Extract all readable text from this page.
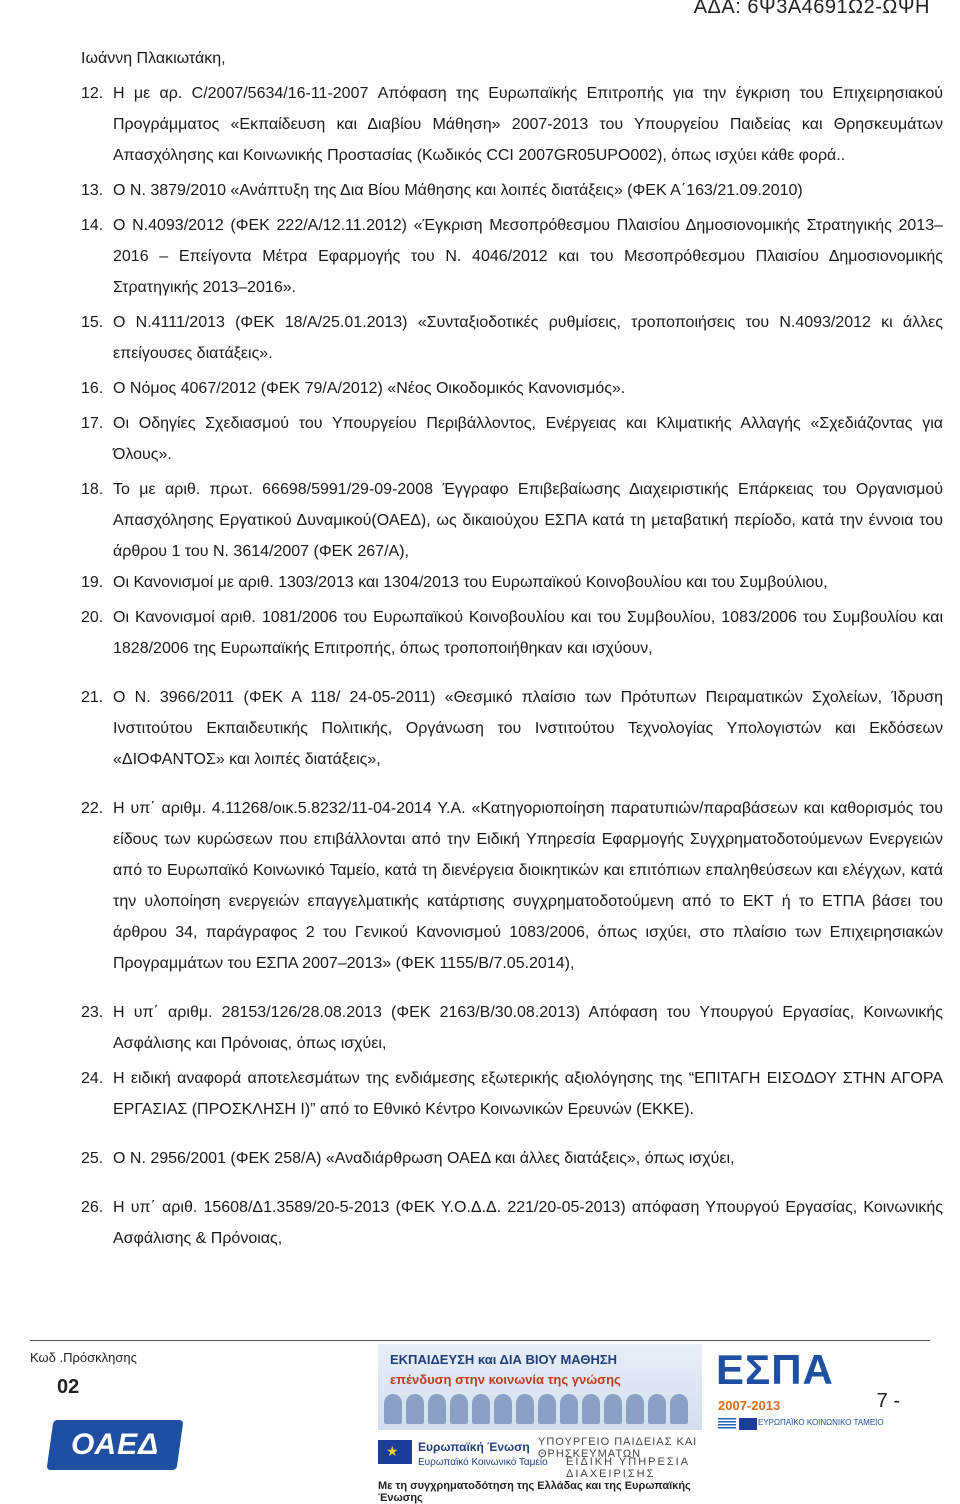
ΑΔΑ: 6Ψ3Α4691Ω2-ΩΨΗ
Ιωάννη Πλακιωτάκη,
12. Η με αρ. C/2007/5634/16-11-2007 Απόφαση της Ευρωπαϊκής Επιτροπής για την έγκριση του Επιχειρησιακού Προγράμματος «Εκπαίδευση και Διαβίου Μάθηση» 2007-2013 του Υπουργείου Παιδείας και Θρησκευμάτων Απασχόλησης και Κοινωνικής Προστασίας (Κωδικός CCI 2007GR05UPO002), όπως ισχύει κάθε φορά..
13. Ο Ν. 3879/2010 «Ανάπτυξη της Δια Βίου Μάθησης και λοιπές διατάξεις» (ΦΕΚ Α΄163/21.09.2010)
14. Ο Ν.4093/2012 (ΦΕΚ 222/Α/12.11.2012) «Έγκριση Μεσοπρόθεσμου Πλαισίου Δημοσιονομικής Στρατηγικής 2013‒2016 ‒ Επείγοντα Μέτρα Εφαρμογής του Ν. 4046/2012 και του Μεσοπρόθεσμου Πλαισίου Δημοσιονομικής Στρατηγικής 2013‒2016».
15. Ο Ν.4111/2013 (ΦΕΚ 18/Α/25.01.2013) «Συνταξιοδοτικές ρυθμίσεις, τροποποιήσεις του Ν.4093/2012 κι άλλες επείγουσες διατάξεις».
16. Ο Νόμος 4067/2012 (ΦΕΚ 79/Α/2012) «Νέος Οικοδομικός Κανονισμός».
17. Οι Οδηγίες Σχεδιασμού του Υπουργείου Περιβάλλοντος, Ενέργειας και Κλιματικής Αλλαγής «Σχεδιάζοντας για Όλους».
18. Το με αριθ. πρωτ. 66698/5991/29-09-2008 Έγγραφο Επιβεβαίωσης Διαχειριστικής Επάρκειας του Οργανισμού Απασχόλησης Εργατικού Δυναμικού(ΟΑΕΔ), ως δικαιούχου ΕΣΠΑ κατά τη μεταβατική περίοδο, κατά την έννοια του άρθρου 1 του Ν. 3614/2007 (ΦΕΚ 267/Α),
19. Οι Κανονισμοί με αριθ. 1303/2013 και 1304/2013 του Ευρωπαϊκού Κοινοβουλίου και του Συμβούλιου,
20. Οι Κανονισμοί αριθ. 1081/2006 του Ευρωπαϊκού Κοινοβουλίου και του Συμβουλίου, 1083/2006 του Συμβουλίου και 1828/2006 της Ευρωπαϊκής Επιτροπής, όπως τροποποιήθηκαν και ισχύουν,
21. Ο Ν. 3966/2011 (ΦΕΚ Α 118/ 24-05-2011) «Θεσμικό πλαίσιο των Πρότυπων Πειραματικών Σχολείων, Ίδρυση Ινστιτούτου Εκπαιδευτικής Πολιτικής, Οργάνωση του Ινστιτούτου Τεχνολογίας Υπολογιστών και Εκδόσεων «ΔΙΟΦΑΝΤΟΣ» και λοιπές διατάξεις»,
22. Η υπ΄ αριθμ. 4.11268/οικ.5.8232/11-04-2014 Υ.Α. «Κατηγοριοποίηση παρατυπιών/παραβάσεων και καθορισμός του είδους των κυρώσεων που επιβάλλονται από την Ειδική Υπηρεσία Εφαρμογής Συγχρηματοδοτούμενων Ενεργειών από το Ευρωπαϊκό Κοινωνικό Ταμείο, κατά τη διενέργεια διοικητικών και επιτόπιων επαληθεύσεων και ελέγχων, κατά την υλοποίηση ενεργειών επαγγελματικής κατάρτισης συγχρηματοδοτούμενη από το ΕΚΤ ή το ΕΤΠΑ βάσει του άρθρου 34, παράγραφος 2 του Γενικού Κανονισμού 1083/2006, όπως ισχύει, στο πλαίσιο των Επιχειρησιακών Προγραμμάτων του ΕΣΠΑ 2007‒2013» (ΦΕΚ 1155/Β/7.05.2014),
23. Η υπ΄ αριθμ. 28153/126/28.08.2013 (ΦΕΚ 2163/Β/30.08.2013) Απόφαση του Υπουργού Εργασίας, Κοινωνικής Ασφάλισης και Πρόνοιας, όπως ισχύει,
24. Η ειδική αναφορά αποτελεσμάτων της ενδιάμεσης εξωτερικής αξιολόγησης της “ΕΠΙΤΑΓΗ ΕΙΣΟΔΟΥ ΣΤΗΝ ΑΓΟΡΑ ΕΡΓΑΣΙΑΣ (ΠΡΟΣΚΛΗΣΗ Ι)” από το Εθνικό Κέντρο Κοινωνικών Ερευνών (ΕΚΚΕ).
25. Ο Ν. 2956/2001 (ΦΕΚ 258/Α) «Αναδιάρθρωση ΟΑΕΔ και άλλες διατάξεις», όπως ισχύει,
26. Η υπ΄ αριθ. 15608/Δ1.3589/20-5-2013 (ΦΕΚ Υ.Ο.Δ.Δ. 221/20-05-2013) απόφαση Υπουργού Εργασίας, Κοινωνικής Ασφάλισης & Πρόνοιας,
Κωδ .Πρόσκλησης
02
ΟΑΕΔ
ΕΚΠΑΙΔΕΥΣΗ και ΔΙΑ ΒΙΟΥ ΜΑΘΗΣΗ
επένδυση στην κοινωνία της γνώσης
★ Ευρωπαϊκή Ένωση
Ευρωπαϊκό Κοινωνικό Ταμείο
ΥΠΟΥΡΓΕΙΟ ΠΑΙΔΕΙΑΣ ΚΑΙ ΘΡΗΣΚΕΥΜΑΤΩΝ
ΕΙΔΙΚΗ ΥΠΗΡΕΣΙΑ ΔΙΑΧΕΙΡΙΣΗΣ
Με τη συγχρηματοδότηση της Ελλάδας και της Ευρωπαϊκής Ένωσης
ΕΣΠΑ
2007-2013
ΕΥΡΩΠΑΪΚΟ ΚΟΙΝΩΝΙΚΟ ΤΑΜΕΙΟ
7 -
